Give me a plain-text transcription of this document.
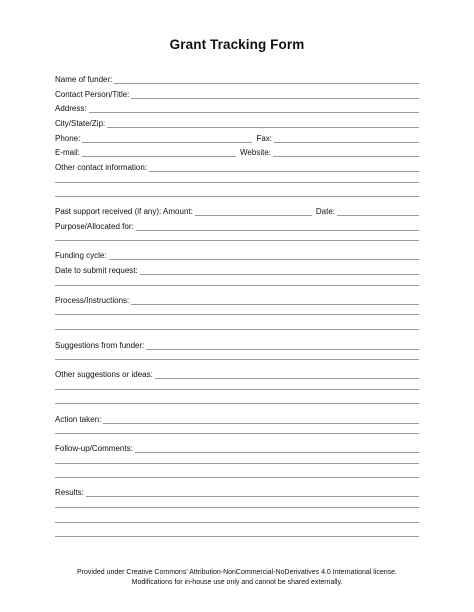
Grant Tracking Form
Name of funder:
Contact Person/Title:
Address:
City/State/Zip:
Phone:	Fax:
E-mail:	Website:
Other contact information:
Past support received (if any): Amount:	Date:
Purpose/Allocated for:
Funding cycle:
Date to submit request:
Process/Instructions:
Suggestions from funder:
Other suggestions or ideas:
Action taken:
Follow-up/Comments:
Results:
Provided under Creative Commons' Attribution-NonCommercial-NoDerivatives 4.0 International license.
Modifications for in-house use only and cannot be shared externally.
